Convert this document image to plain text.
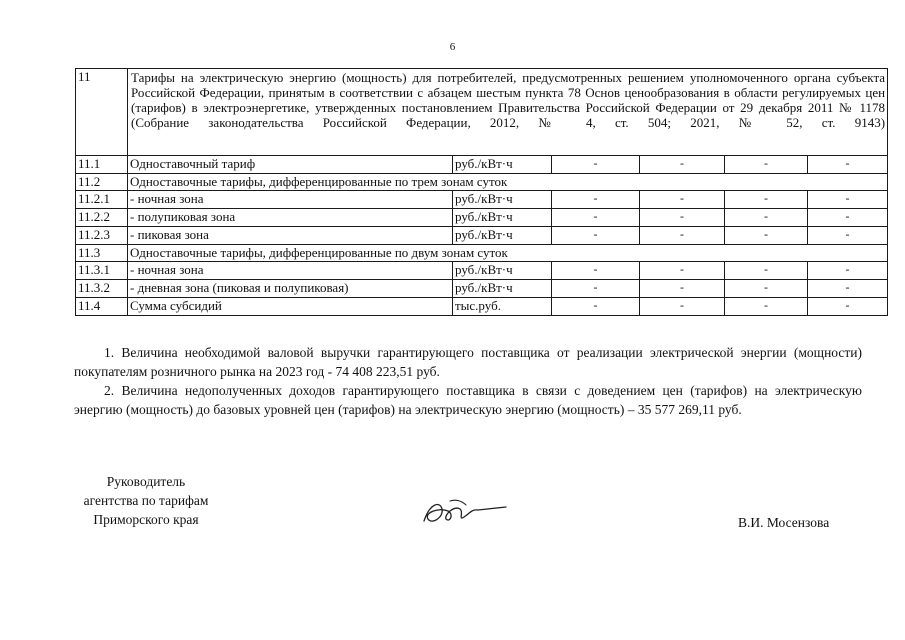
6
11	Тарифы на электрическую энергию (мощность) для потребителей, предусмотренных решением уполномоченного органа субъекта Российской Федерации, принятым в соответствии с абзацем шестым пункта 78 Основ ценообразования в области регулируемых цен (тарифов) в электроэнергетике, утвержденных постановлением Правительства Российской Федерации от 29 декабря 2011 № 1178 (Собрание законодательства Российской Федерации, 2012, № 4, ст. 504; 2021, № 52, ст. 9143)					
11.1	Одноставочный тариф	руб./кВт·ч	-	-	-	-
11.2	Одноставочные тарифы, дифференцированные по трем зонам суток					
11.2.1	- ночная зона	руб./кВт·ч	-	-	-	-
11.2.2	- полупиковая зона	руб./кВт·ч	-	-	-	-
11.2.3	- пиковая зона	руб./кВт·ч	-	-	-	-
11.3	Одноставочные тарифы, дифференцированные по двум зонам суток					
11.3.1	- ночная зона	руб./кВт·ч	-	-	-	-
11.3.2	- дневная зона (пиковая и полупиковая)	руб./кВт·ч	-	-	-	-
11.4	Сумма субсидий	тыс.руб.	-	-	-	-

1. Величина необходимой валовой выручки гарантирующего поставщика от реализации электрической энергии (мощности) покупателям розничного рынка на 2023 год - 74 408 223,51 руб.

2. Величина недополученных доходов гарантирующего поставщика в связи с доведением цен (тарифов) на электрическую энергию (мощность) до базовых уровней цен (тарифов) на электрическую энергию (мощность) – 35 577 269,11 руб.

Руководитель
агентства по тарифам
Приморского края	В.И. Мосензова
